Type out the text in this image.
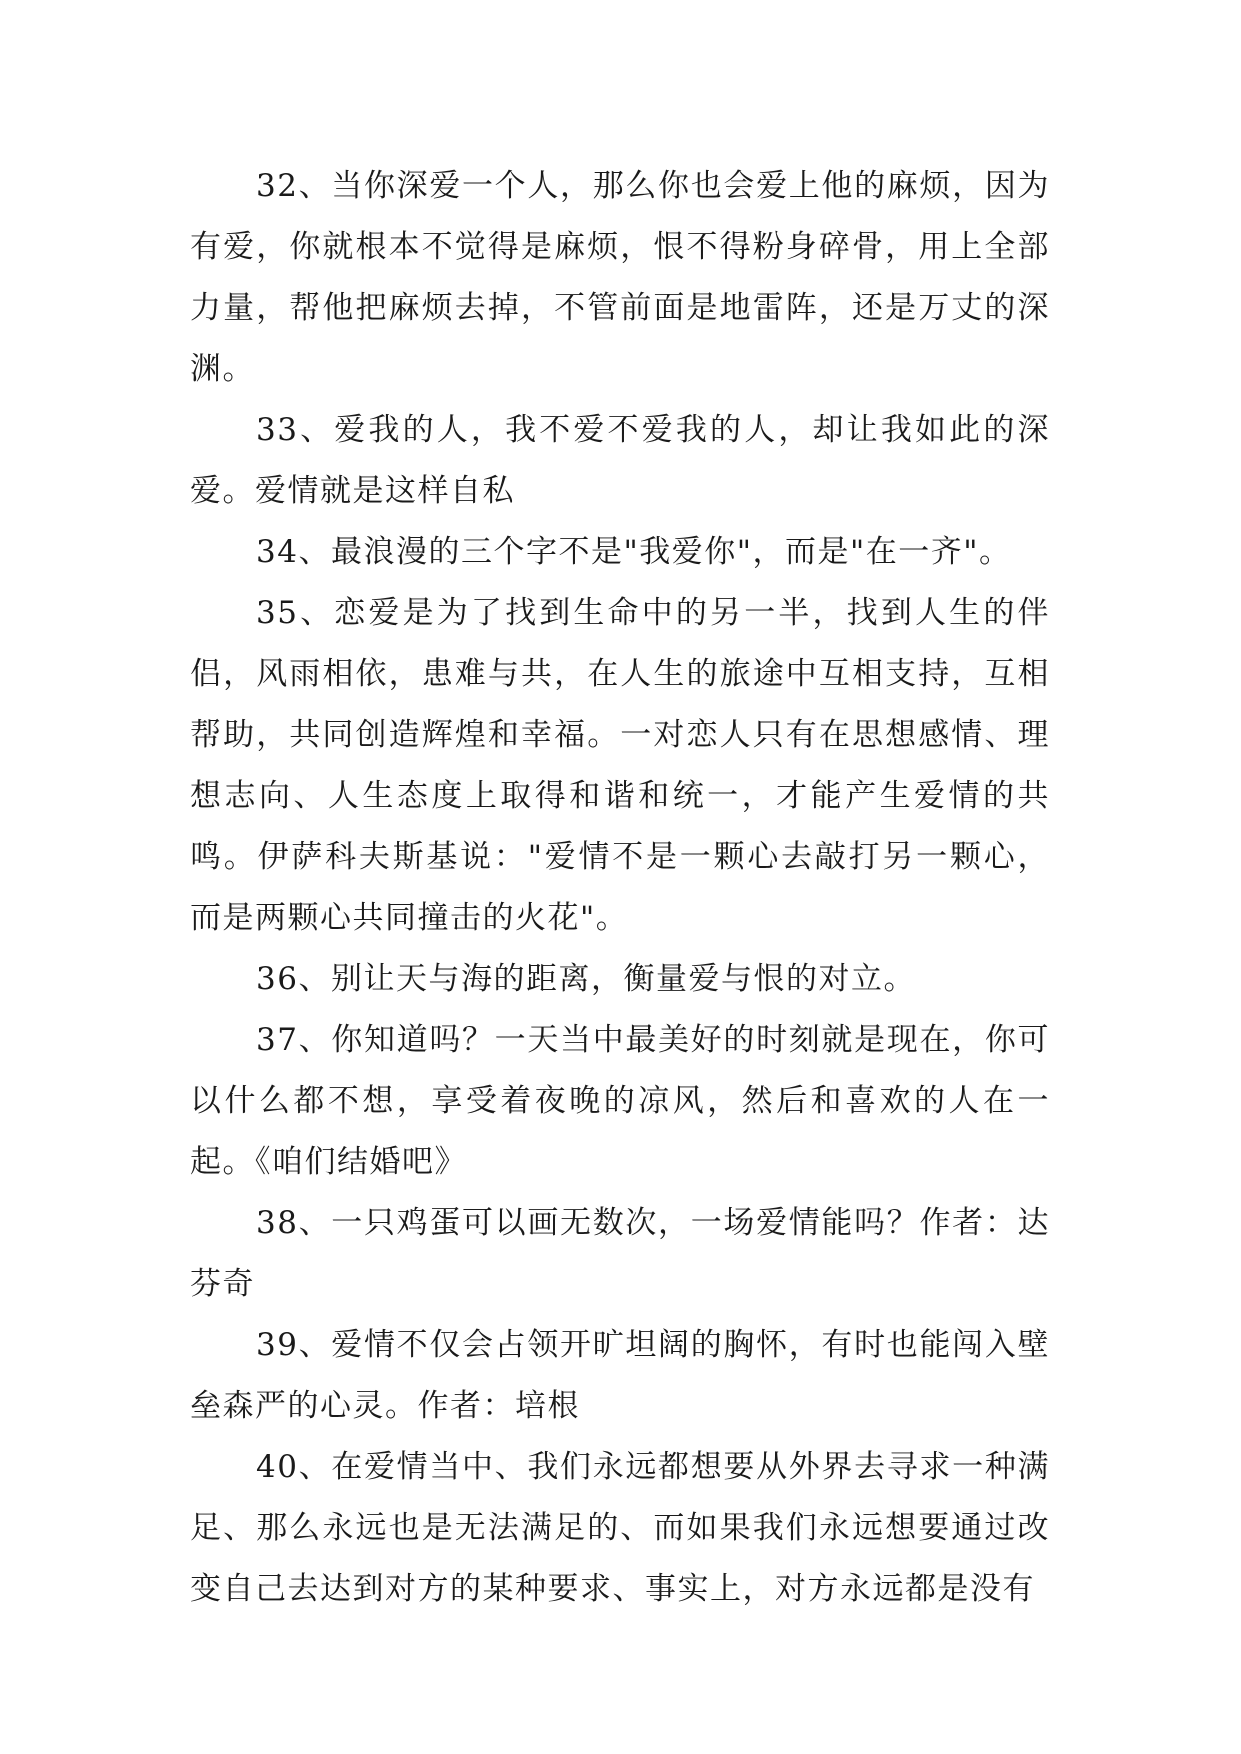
32、当你深爱一个人，那么你也会爱上他的麻烦，因为有爱，你就根本不觉得是麻烦，恨不得粉身碎骨，用上全部力量，帮他把麻烦去掉，不管前面是地雷阵，还是万丈的深渊。

33、爱我的人，我不爱不爱我的人，却让我如此的深爱。爱情就是这样自私

34、最浪漫的三个字不是"我爱你"，而是"在一齐"。

35、恋爱是为了找到生命中的另一半，找到人生的伴侣，风雨相依，患难与共，在人生的旅途中互相支持，互相帮助，共同创造辉煌和幸福。一对恋人只有在思想感情、理想志向、人生态度上取得和谐和统一，才能产生爱情的共鸣。伊萨科夫斯基说："爱情不是一颗心去敲打另一颗心，而是两颗心共同撞击的火花"。

36、别让天与海的距离，衡量爱与恨的对立。

37、你知道吗？一天当中最美好的时刻就是现在，你可以什么都不想，享受着夜晚的凉风，然后和喜欢的人在一起。《咱们结婚吧》

38、一只鸡蛋可以画无数次，一场爱情能吗？作者：达芬奇

39、爱情不仅会占领开旷坦阔的胸怀，有时也能闯入壁垒森严的心灵。作者：培根

40、在爱情当中、我们永远都想要从外界去寻求一种满足、那么永远也是无法满足的、而如果我们永远想要通过改变自己去达到对方的某种要求、事实上，对方永远都是没有
